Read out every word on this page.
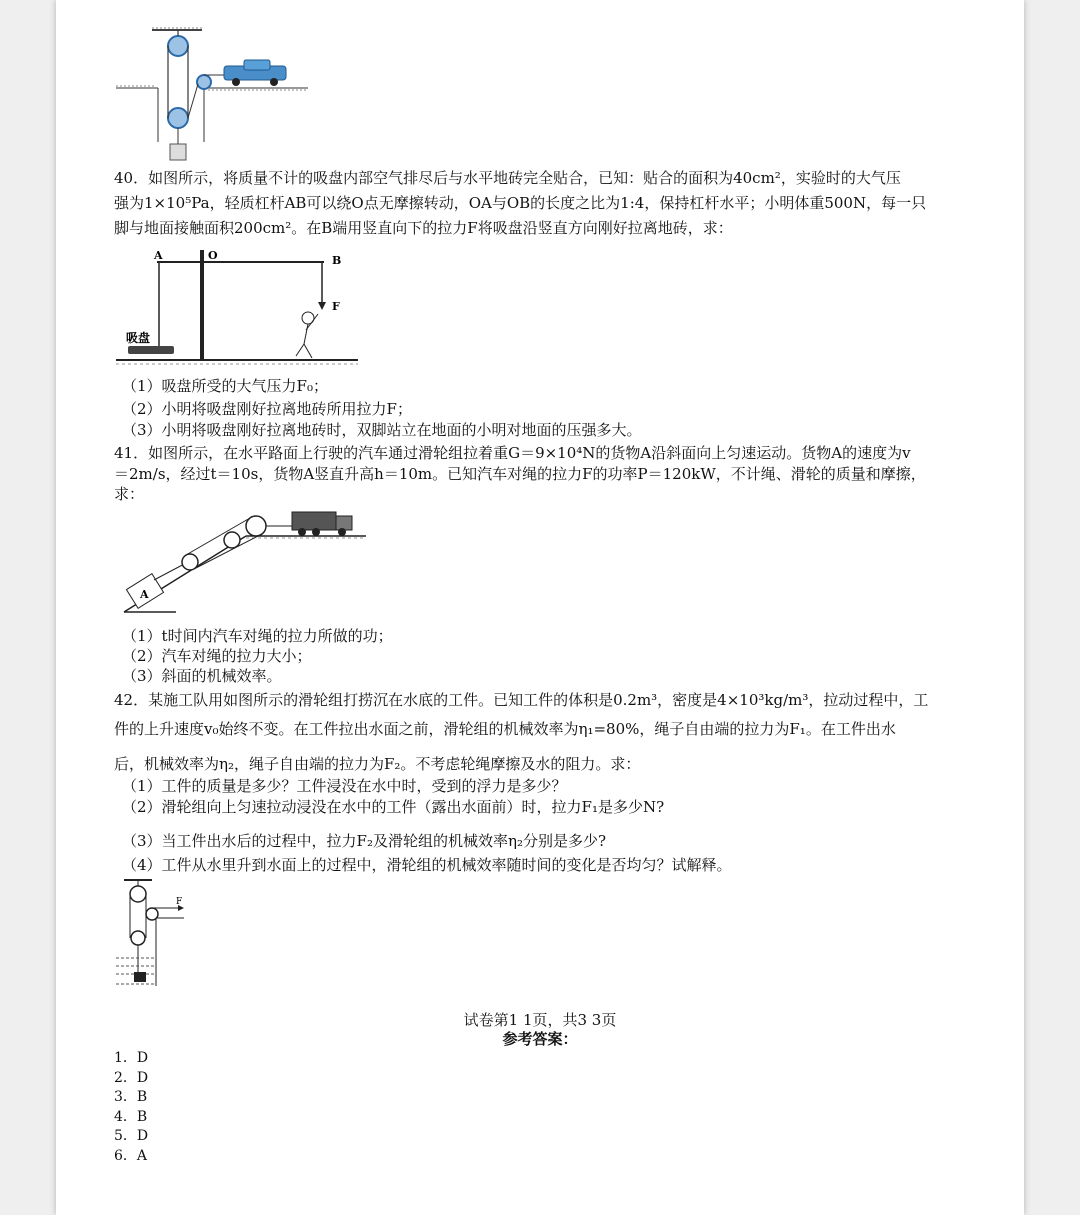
40．如图所示，将质量不计的吸盘内部空气排尽后与水平地砖完全贴合，已知：贴合的面积为40cm²，实验时的大气压
强为1×10⁵Pa，轻质杠杆AB可以绕O点无摩擦转动，OA与OB的长度之比为1:4，保持杠杆水平；小明体重500N，每一只
脚与地面接触面积200cm²。在B端用竖直向下的拉力F将吸盘沿竖直方向刚好拉离地砖，求：
A	O	B
F
吸盘
（1）吸盘所受的大气压力F₀；
（2）小明将吸盘刚好拉离地砖所用拉力F；
（3）小明将吸盘刚好拉离地砖时，双脚站立在地面的小明对地面的压强多大。
41．如图所示，在水平路面上行驶的汽车通过滑轮组拉着重G＝9×10⁴N的货物A沿斜面向上匀速运动。货物A的速度为v
＝2m/s，经过t＝10s，货物A竖直升高h＝10m。已知汽车对绳的拉力F的功率P＝120kW，不计绳、滑轮的质量和摩擦，
求：
A
（1）t时间内汽车对绳的拉力所做的功；
（2）汽车对绳的拉力大小；
（3）斜面的机械效率。
42．某施工队用如图所示的滑轮组打捞沉在水底的工件。已知工件的体积是0.2m³，密度是4×10³kg/m³，拉动过程中，工
件的上升速度v₀始终不变。在工件拉出水面之前，滑轮组的机械效率为η₁=80%，绳子自由端的拉力为F₁。在工件出水
后，机械效率为η₂，绳子自由端的拉力为F₂。不考虑轮绳摩擦及水的阻力。求：
（1）工件的质量是多少？工件浸没在水中时，受到的浮力是多少？
（2）滑轮组向上匀速拉动浸没在水中的工件（露出水面前）时，拉力F₁是多少N?
（3）当工件出水后的过程中，拉力F₂及滑轮组的机械效率η₂分别是多少?
（4）工件从水里升到水面上的过程中，滑轮组的机械效率随时间的变化是否均匀？试解释。
F
试卷第1 1页，共3 3页
参考答案：
1．D
2．D
3．B
4．B
5．D
6．A
